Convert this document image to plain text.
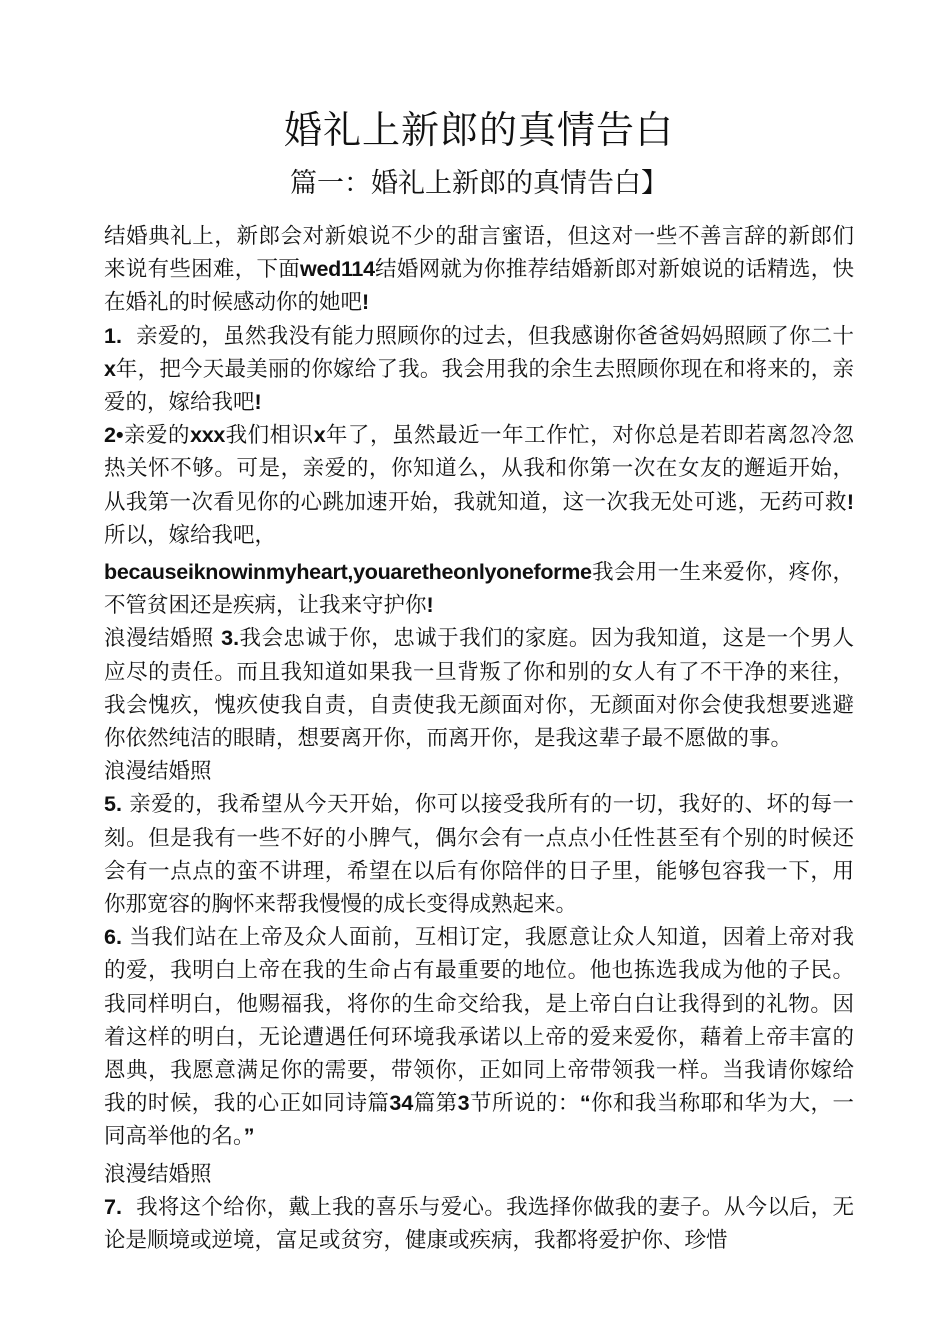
婚礼上新郎的真情告白
篇一：婚礼上新郎的真情告白】

结婚典礼上，新郎会对新娘说不少的甜言蜜语，但这对一些不善言辞的新郎们来说有些困难，下面wed114结婚网就为你推荐结婚新郎对新娘说的话精选，快在婚礼的时候感动你的她吧!

1. 亲爱的，虽然我没有能力照顾你的过去，但我感谢你爸爸妈妈照顾了你二十x年，把今天最美丽的你嫁给了我。我会用我的余生去照顾你现在和将来的，亲爱的，嫁给我吧!

2•亲爱的xxx我们相识x年了，虽然最近一年工作忙，对你总是若即若离忽冷忽热关怀不够。可是，亲爱的，你知道么，从我和你第一次在女友的邂逅开始，从我第一次看见你的心跳加速开始，我就知道，这一次我无处可逃，无药可救!所以，嫁给我吧，

becauseiknowinmyheart,youaretheonlyoneforme我会用一生来爱你，疼你，不管贫困还是疾病，让我来守护你!

浪漫结婚照 3.我会忠诚于你，忠诚于我们的家庭。因为我知道，这是一个男人应尽的责任。而且我知道如果我一旦背叛了你和别的女人有了不干净的来往，我会愧疚，愧疚使我自责，自责使我无颜面对你，无颜面对你会使我想要逃避你依然纯洁的眼睛，想要离开你，而离开你，是我这辈子最不愿做的事。

浪漫结婚照

5. 亲爱的，我希望从今天开始，你可以接受我所有的一切，我好的、坏的每一刻。但是我有一些不好的小脾气，偶尔会有一点点小任性甚至有个别的时候还会有一点点的蛮不讲理，希望在以后有你陪伴的日子里，能够包容我一下，用你那宽容的胸怀来帮我慢慢的成长变得成熟起来。

6. 当我们站在上帝及众人面前，互相订定，我愿意让众人知道，因着上帝对我的爱，我明白上帝在我的生命占有最重要的地位。他也拣选我成为他的子民。我同样明白，他赐福我，将你的生命交给我，是上帝白白让我得到的礼物。因着这样的明白，无论遭遇任何环境我承诺以上帝的爱来爱你，藉着上帝丰富的恩典，我愿意满足你的需要，带领你，正如同上帝带领我一样。当我请你嫁给我的时候，我的心正如同诗篇34篇第3节所说的：“你和我当称耶和华为大，一同高举他的名。”

浪漫结婚照

7. 我将这个给你，戴上我的喜乐与爱心。我选择你做我的妻子。从今以后，无论是顺境或逆境，富足或贫穷，健康或疾病，我都将爱护你、珍惜
